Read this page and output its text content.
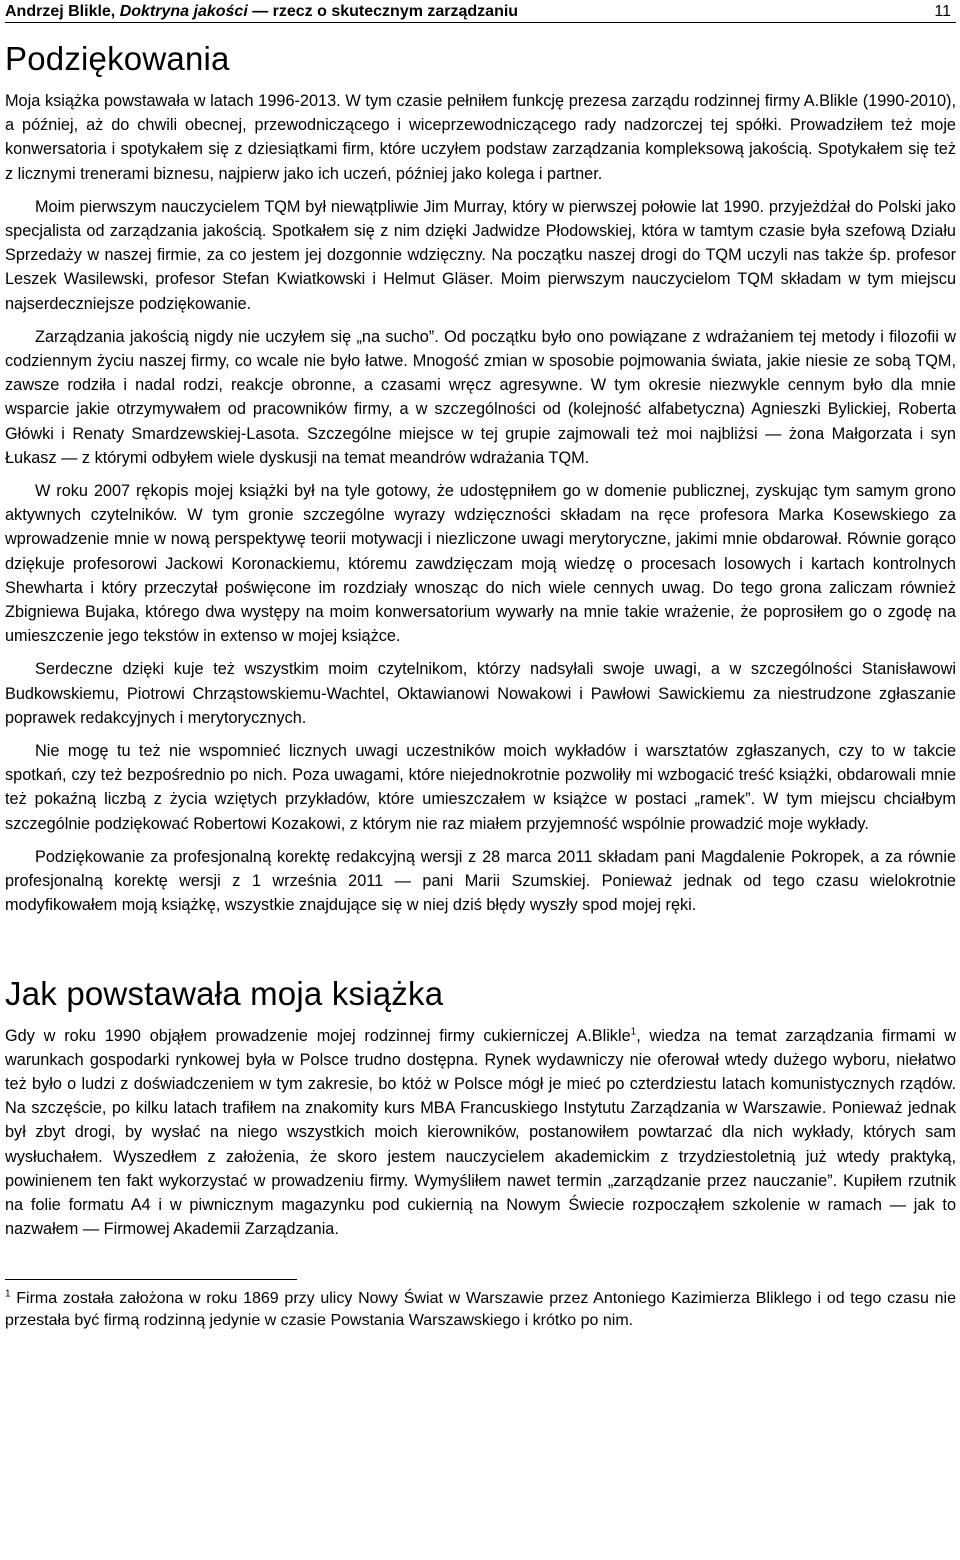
Andrzej Blikle, Doktryna jakości — rzecz o skutecznym zarządzaniu	11
Podziękowania

Moja książka powstawała w latach 1996-2013. W tym czasie pełniłem funkcję prezesa zarządu rodzinnej firmy A.Blikle (1990-2010), a później, aż do chwili obecnej, przewodniczącego i wiceprzewodniczącego rady nadzorczej tej spółki. Prowadziłem też moje konwersatoria i spotykałem się z dziesiątkami firm, które uczyłem podstaw zarządzania kompleksową jakością. Spotykałem się też z licznymi trenerami biznesu, najpierw jako ich uczeń, później jako kolega i partner.

Moim pierwszym nauczycielem TQM był niewątpliwie Jim Murray, który w pierwszej połowie lat 1990. przyjeżdżał do Polski jako specjalista od zarządzania jakością. Spotkałem się z nim dzięki Jadwidze Płodowskiej, która w tamtym czasie była szefową Działu Sprzedaży w naszej firmie, za co jestem jej dozgonnie wdzięczny. Na początku naszej drogi do TQM uczyli nas także śp. profesor Leszek Wasilewski, profesor Stefan Kwiatkowski i Helmut Gläser. Moim pierwszym nauczycielom TQM składam w tym miejscu najserdeczniejsze podziękowanie.

Zarządzania jakością nigdy nie uczyłem się „na sucho”. Od początku było ono powiązane z wdrażaniem tej metody i filozofii w codziennym życiu naszej firmy, co wcale nie było łatwe. Mnogość zmian w sposobie pojmowania świata, jakie niesie ze sobą TQM, zawsze rodziła i nadal rodzi, reakcje obronne, a czasami wręcz agresywne. W tym okresie niezwykle cennym było dla mnie wsparcie jakie otrzymywałem od pracowników firmy, a w szczególności od (kolejność alfabetyczna) Agnieszki Bylickiej, Roberta Główki i Renaty Smardzewskiej-Lasota. Szczególne miejsce w tej grupie zajmowali też moi najbliżsi — żona Małgorzata i syn Łukasz — z którymi odbyłem wiele dyskusji na temat meandrów wdrażania TQM.

W roku 2007 rękopis mojej książki był na tyle gotowy, że udostępniłem go w domenie publicznej, zyskując tym samym grono aktywnych czytelników. W tym gronie szczególne wyrazy wdzięczności składam na ręce profesora Marka Kosewskiego za wprowadzenie mnie w nową perspektywę teorii motywacji i niezliczone uwagi merytoryczne, jakimi mnie obdarował. Równie gorąco dziękuje profesorowi Jackowi Koronackiemu, któremu zawdzięczam moją wiedzę o procesach losowych i kartach kontrolnych Shewharta i który przeczytał poświęcone im rozdziały wnosząc do nich wiele cennych uwag. Do tego grona zaliczam również Zbigniewa Bujaka, którego dwa występy na moim konwersatorium wywarły na mnie takie wrażenie, że poprosiłem go o zgodę na umieszczenie jego tekstów in extenso w mojej książce.

Serdeczne dzięki kuje też wszystkim moim czytelnikom, którzy nadsyłali swoje uwagi, a w szczególności Stanisławowi Budkowskiemu, Piotrowi Chrząstowskiemu-Wachtel, Oktawianowi Nowakowi i Pawłowi Sawickiemu za niestrudzone zgłaszanie poprawek redakcyjnych i merytorycznych.

Nie mogę tu też nie wspomnieć licznych uwagi uczestników moich wykładów i warsztatów zgłaszanych, czy to w takcie spotkań, czy też bezpośrednio po nich. Poza uwagami, które niejednokrotnie pozwoliły mi wzbogacić treść książki, obdarowali mnie też pokaźną liczbą z życia wziętych przykładów, które umieszczałem w książce w postaci „ramek”. W tym miejscu chciałbym szczególnie podziękować Robertowi Kozakowi, z którym nie raz miałem przyjemność wspólnie prowadzić moje wykłady.

Podziękowanie za profesjonalną korektę redakcyjną wersji z 28 marca 2011 składam pani Magdalenie Pokropek, a za równie profesjonalną korektę wersji z 1 września 2011 — pani Marii Szumskiej. Ponieważ jednak od tego czasu wielokrotnie modyfikowałem moją książkę, wszystkie znajdujące się w niej dziś błędy wyszły spod mojej ręki.

Jak powstawała moja książka

Gdy w roku 1990 objąłem prowadzenie mojej rodzinnej firmy cukierniczej A.Blikle$^1$, wiedza na temat zarządzania firmami w warunkach gospodarki rynkowej była w Polsce trudno dostępna. Rynek wydawniczy nie oferował wtedy dużego wyboru, niełatwo też było o ludzi z doświadczeniem w tym zakresie, bo któż w Polsce mógł je mieć po czterdziestu latach komunistycznych rządów. Na szczęście, po kilku latach trafiłem na znakomity kurs MBA Francuskiego Instytutu Zarządzania w Warszawie. Ponieważ jednak był zbyt drogi, by wysłać na niego wszystkich moich kierowników, postanowiłem powtarzać dla nich wykłady, których sam wysłuchałem. Wyszedłem z założenia, że skoro jestem nauczycielem akademickim z trzydziestoletnią już wtedy praktyką, powinienem ten fakt wykorzystać w prowadzeniu firmy. Wymyśliłem nawet termin „zarządzanie przez nauczanie”. Kupiłem rzutnik na folie formatu A4 i w piwnicznym magazynku pod cukiernią na Nowym Świecie rozpocząłem szkolenie w ramach — jak to nazwałem — Firmowej Akademii Zarządzania.

$^1$ Firma została założona w roku 1869 przy ulicy Nowy Świat w Warszawie przez Antoniego Kazimierza Bliklego i od tego czasu nie przestała być firmą rodzinną jedynie w czasie Powstania Warszawskiego i krótko po nim.
